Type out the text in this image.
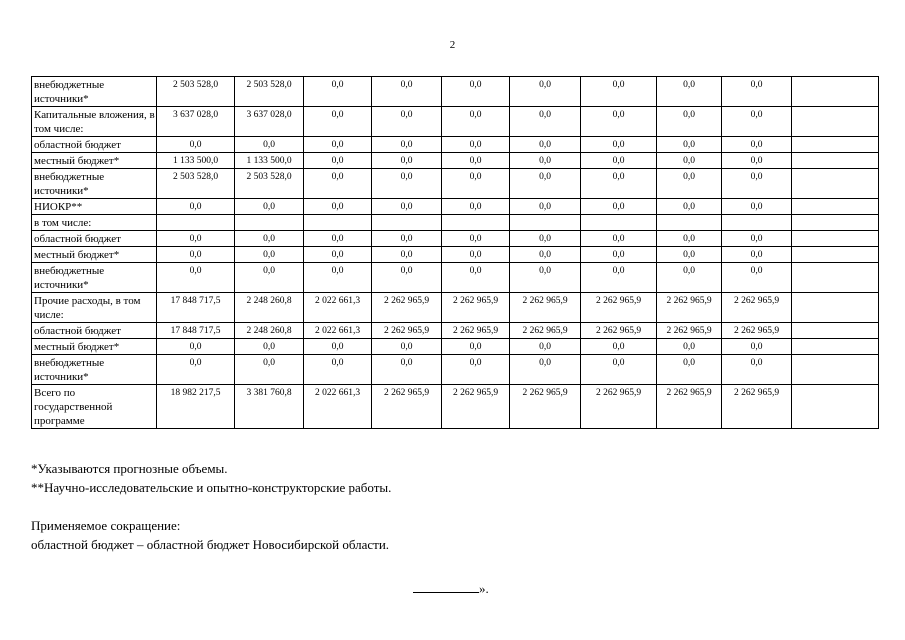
2
внебюджетные источники*	2 503 528,0	2 503 528,0	0,0	0,0	0,0	0,0	0,0	0,0	0,0	
Капитальные вложения, в том числе:	3 637 028,0	3 637 028,0	0,0	0,0	0,0	0,0	0,0	0,0	0,0	
областной бюджет	0,0	0,0	0,0	0,0	0,0	0,0	0,0	0,0	0,0	
местный бюджет*	1 133 500,0	1 133 500,0	0,0	0,0	0,0	0,0	0,0	0,0	0,0	
внебюджетные источники*	2 503 528,0	2 503 528,0	0,0	0,0	0,0	0,0	0,0	0,0	0,0	
НИОКР**	0,0	0,0	0,0	0,0	0,0	0,0	0,0	0,0	0,0	
в том числе:										
областной бюджет	0,0	0,0	0,0	0,0	0,0	0,0	0,0	0,0	0,0	
местный бюджет*	0,0	0,0	0,0	0,0	0,0	0,0	0,0	0,0	0,0	
внебюджетные источники*	0,0	0,0	0,0	0,0	0,0	0,0	0,0	0,0	0,0	
Прочие расходы, в том числе:	17 848 717,5	2 248 260,8	2 022 661,3	2 262 965,9	2 262 965,9	2 262 965,9	2 262 965,9	2 262 965,9	2 262 965,9	
областной бюджет	17 848 717,5	2 248 260,8	2 022 661,3	2 262 965,9	2 262 965,9	2 262 965,9	2 262 965,9	2 262 965,9	2 262 965,9	
местный бюджет*	0,0	0,0	0,0	0,0	0,0	0,0	0,0	0,0	0,0	
внебюджетные источники*	0,0	0,0	0,0	0,0	0,0	0,0	0,0	0,0	0,0	
Всего по государственной программе	18 982 217,5	3 381 760,8	2 022 661,3	2 262 965,9	2 262 965,9	2 262 965,9	2 262 965,9	2 262 965,9	2 262 965,9	

*Указываются прогнозные объемы.

**Научно-исследовательские и опытно-конструкторские работы.

Применяемое сокращение:

областной бюджет – областной бюджет Новосибирской области.

».
